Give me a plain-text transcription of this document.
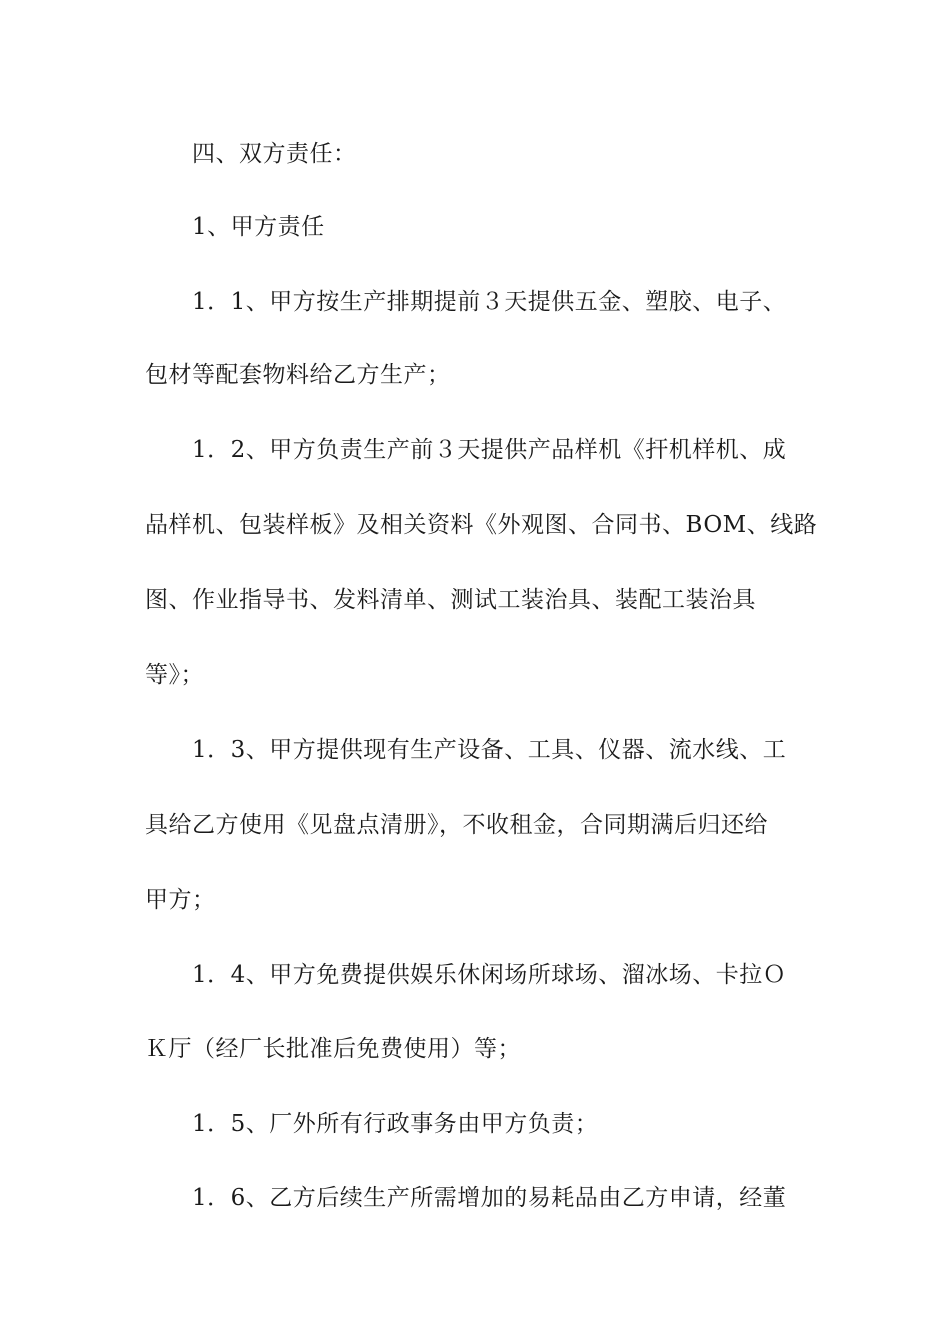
四、双方责任：
1、甲方责任
1．1、甲方按生产排期提前３天提供五金、塑胶、电子、
包材等配套物料给乙方生产；
1．2、甲方负责生产前３天提供产品样机《扞机样机、成
品样机、包装样板》及相关资料《外观图、合同书、BOM、线路
图、作业指导书、发料清单、测试工装治具、装配工装治具
等》；
1．3、甲方提供现有生产设备、工具、仪器、流水线、工
具给乙方使用《见盘点清册》，不收租金，合同期满后归还给
甲方；
1．4、甲方免费提供娱乐休闲场所球场、溜冰场、卡拉Ｏ
Ｋ厅（经厂长批准后免费使用）等；
1．5、厂外所有行政事务由甲方负责；
1．6、乙方后续生产所需增加的易耗品由乙方申请，经董
